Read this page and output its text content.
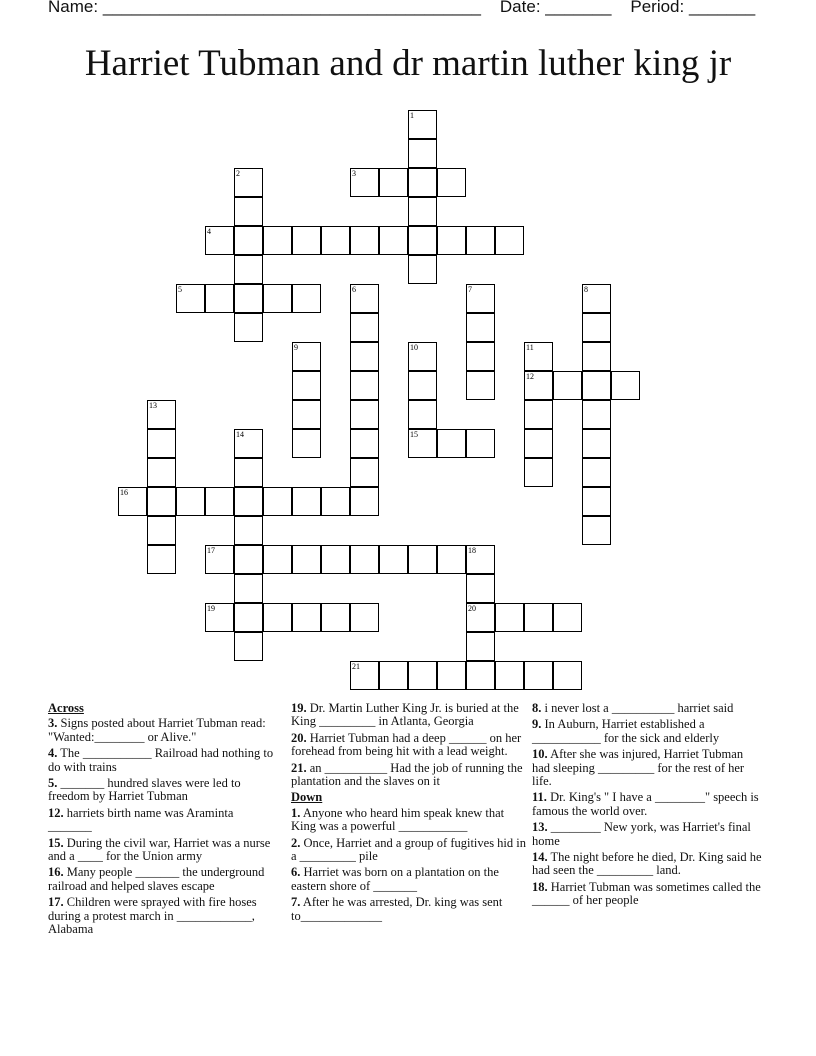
Name: ________________________________________ Date: _______ Period: _______
Harriet Tubman and dr martin luther king jr
1
2	3
4
5	6	7	8
9	10	11
12
13
14	15
16
17	18
19	20
21
Across
3. Signs posted about Harriet Tubman read: "Wanted:________ or Alive."
4. The ___________ Railroad had nothing to do with trains
5. _______ hundred slaves were led to freedom by Harriet Tubman
12. harriets birth name was Araminta _______
15. During the civil war, Harriet was a nurse and a ____ for the Union army
16. Many people _______ the underground railroad and helped slaves escape
17. Children were sprayed with fire hoses during a protest march in ____________, Alabama
19. Dr. Martin Luther King Jr. is buried at the King _________ in Atlanta, Georgia
20. Harriet Tubman had a deep ______ on her forehead from being hit with a lead weight.
21. an __________ Had the job of running the plantation and the slaves on it
Down
1. Anyone who heard him speak knew that King was a powerful ___________
2. Once, Harriet and a group of fugitives hid in a _________ pile
6. Harriet was born on a plantation on the eastern shore of _______
7. After he was arrested, Dr. king was sent to_____________
8. i never lost a __________ harriet said
9. In Auburn, Harriet established a ___________ for the sick and elderly
10. After she was injured, Harriet Tubman had sleeping _________ for the rest of her life.
11. Dr. King's " I have a ________" speech is famous the world over.
13. ________ New york, was Harriet's final home
14. The night before he died, Dr. King said he had seen the _________ land.
18. Harriet Tubman was sometimes called the ______ of her people
